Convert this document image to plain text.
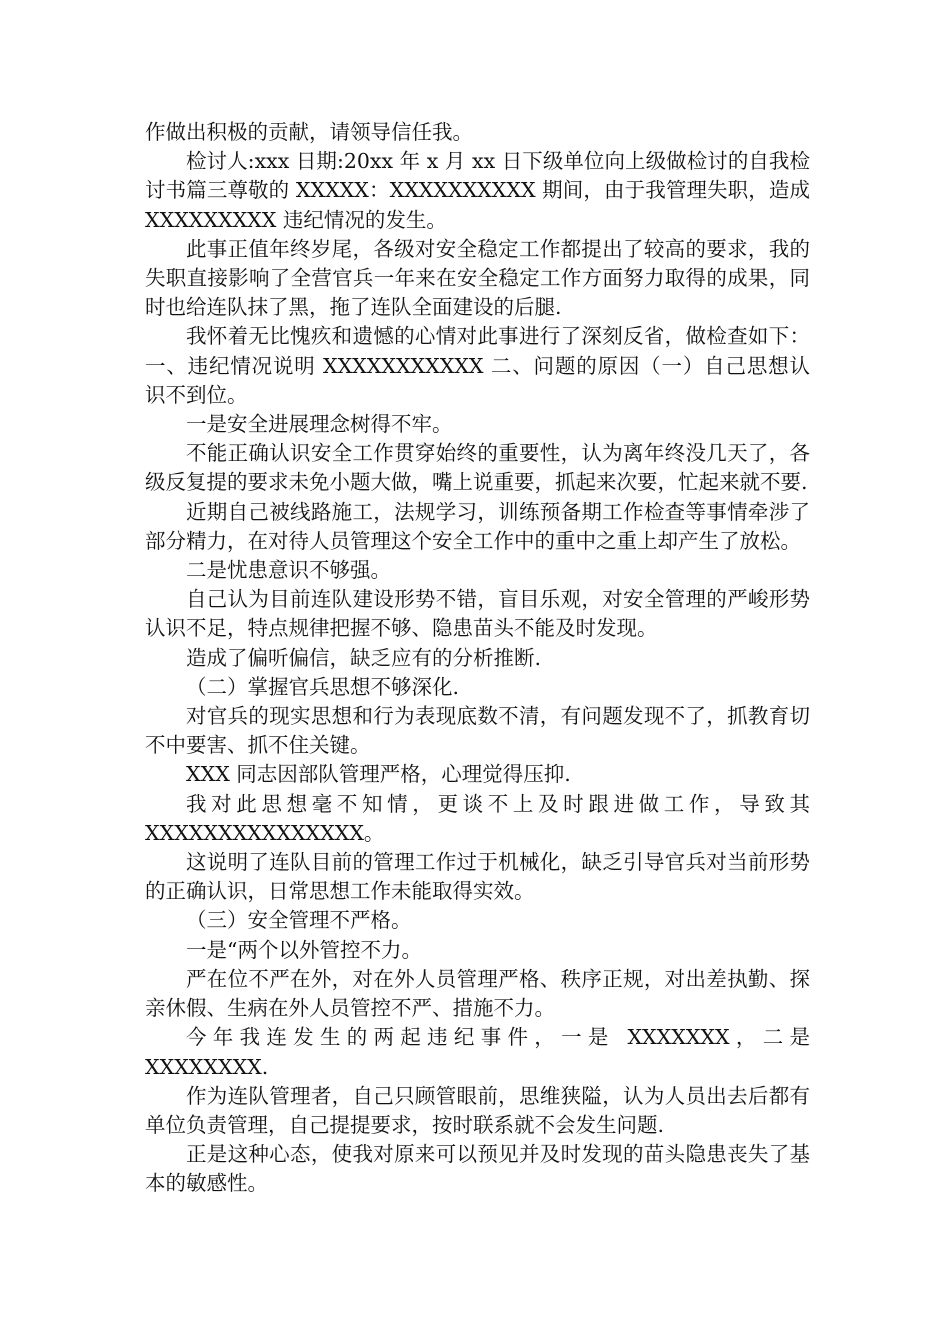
作做出积极的贡献，请领导信任我。

检讨人:xxx 日期:20xx 年 x 月 xx 日下级单位向上级做检讨的自我检讨书篇三尊敬的 XXXXX：XXXXXXXXXX 期间，由于我管理失职，造成 XXXXXXXXX 违纪情况的发生。

此事正值年终岁尾，各级对安全稳定工作都提出了较高的要求，我的失职直接影响了全营官兵一年来在安全稳定工作方面努力取得的成果，同时也给连队抹了黑，拖了连队全面建设的后腿.

我怀着无比愧疚和遗憾的心情对此事进行了深刻反省，做检查如下：一、违纪情况说明 XXXXXXXXXXX 二、问题的原因（一）自己思想认识不到位。

一是安全进展理念树得不牢。

不能正确认识安全工作贯穿始终的重要性，认为离年终没几天了，各级反复提的要求未免小题大做，嘴上说重要，抓起来次要，忙起来就不要.

近期自己被线路施工，法规学习，训练预备期工作检查等事情牵涉了部分精力，在对待人员管理这个安全工作中的重中之重上却产生了放松。

二是忧患意识不够强。

自己认为目前连队建设形势不错，盲目乐观，对安全管理的严峻形势认识不足，特点规律把握不够、隐患苗头不能及时发现。

造成了偏听偏信，缺乏应有的分析推断.

（二）掌握官兵思想不够深化.

对官兵的现实思想和行为表现底数不清，有问题发现不了，抓教育切不中要害、抓不住关键。

XXX 同志因部队管理严格，心理觉得压抑.

我对此思想毫不知情，更谈不上及时跟进做工作，导致其 XXXXXXXXXXXXXXX。

这说明了连队目前的管理工作过于机械化，缺乏引导官兵对当前形势的正确认识，日常思想工作未能取得实效。

（三）安全管理不严格。

一是“两个以外管控不力。

严在位不严在外，对在外人员管理严格、秩序正规，对出差执勤、探亲休假、生病在外人员管控不严、措施不力。

今年我连发生的两起违纪事件，一是 XXXXXXX，二是 XXXXXXXX.

作为连队管理者，自己只顾管眼前，思维狭隘，认为人员出去后都有单位负责管理，自己提提要求，按时联系就不会发生问题.

正是这种心态，使我对原来可以预见并及时发现的苗头隐患丧失了基本的敏感性。
